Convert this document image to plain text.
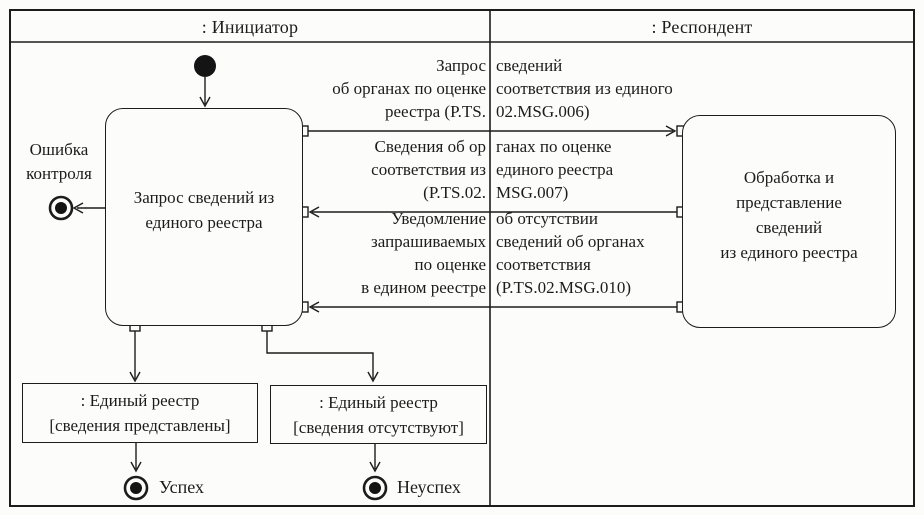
: Инициатор	: Респондент
Запрос сведений из
единого реестра
Обработка и
представление
сведений
из единого реестра
Ошибка
контроля
Запрос
об органах по оценке
реестра (P.TS.
сведений
соответствия из единого
02.MSG.006)
Сведения об ор
соответствия из
(P.TS.02.
ганах по оценке
единого реестра
MSG.007)
Уведомление
запрашиваемых
по оценке
в едином реестре
об отсутствии
сведений об органах
соответствия
(P.TS.02.MSG.010)
: Единый реестр
[сведения представлены]
: Единый реестр
[сведения отсутствуют]
Успех	Неуспех
